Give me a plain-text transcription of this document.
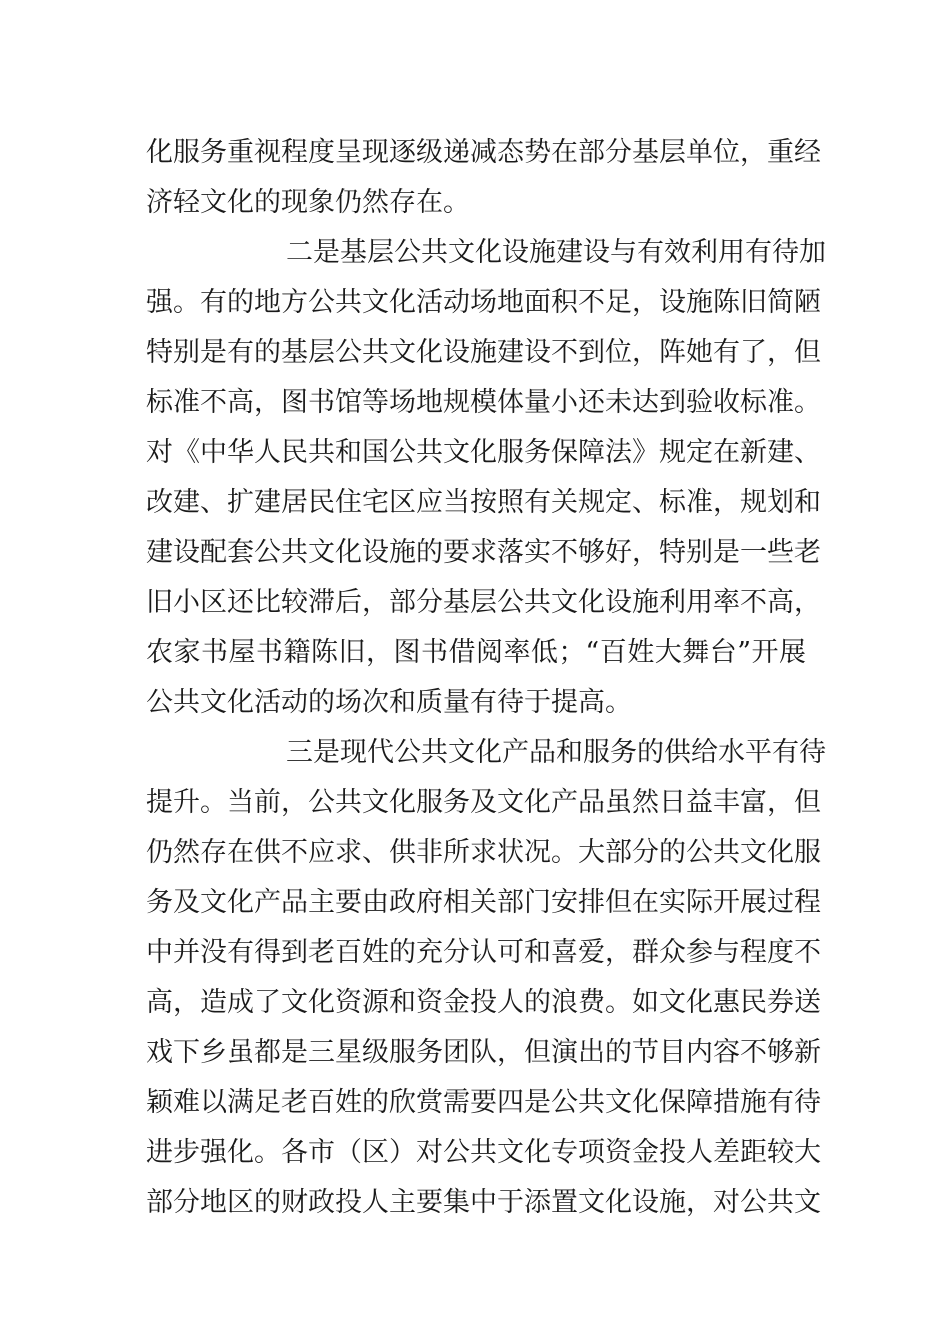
化服务重视程度呈现逐级递减态势在部分基层单位，重经
济轻文化的现象仍然存在。
二是基层公共文化设施建设与有效利用有待加
强。有的地方公共文化活动场地面积不足，设施陈旧简陋
特别是有的基层公共文化设施建设不到位，阵她有了，但
标准不高，图书馆等场地规模体量小还未达到验收标准。
对《中华人民共和国公共文化服务保障法》规定在新建、
改建、扩建居民住宅区应当按照有关规定、标准，规划和
建设配套公共文化设施的要求落实不够好，特别是一些老
旧小区还比较滞后，部分基层公共文化设施利用率不高，
农家书屋书籍陈旧，图书借阅率低；“百姓大舞台”开展
公共文化活动的场次和质量有待于提高。
三是现代公共文化产品和服务的供给水平有待
提升。当前，公共文化服务及文化产品虽然日益丰富，但
仍然存在供不应求、供非所求状况。大部分的公共文化服
务及文化产品主要由政府相关部门安排但在实际开展过程
中并没有得到老百姓的充分认可和喜爱，群众参与程度不
高，造成了文化资源和资金投人的浪费。如文化惠民券送
戏下乡虽都是三星级服务团队，但演出的节目内容不够新
颖难以满足老百姓的欣赏需要四是公共文化保障措施有待
进步强化。各市（区）对公共文化专项资金投人差距较大
部分地区的财政投人主要集中于添置文化设施，对公共文
